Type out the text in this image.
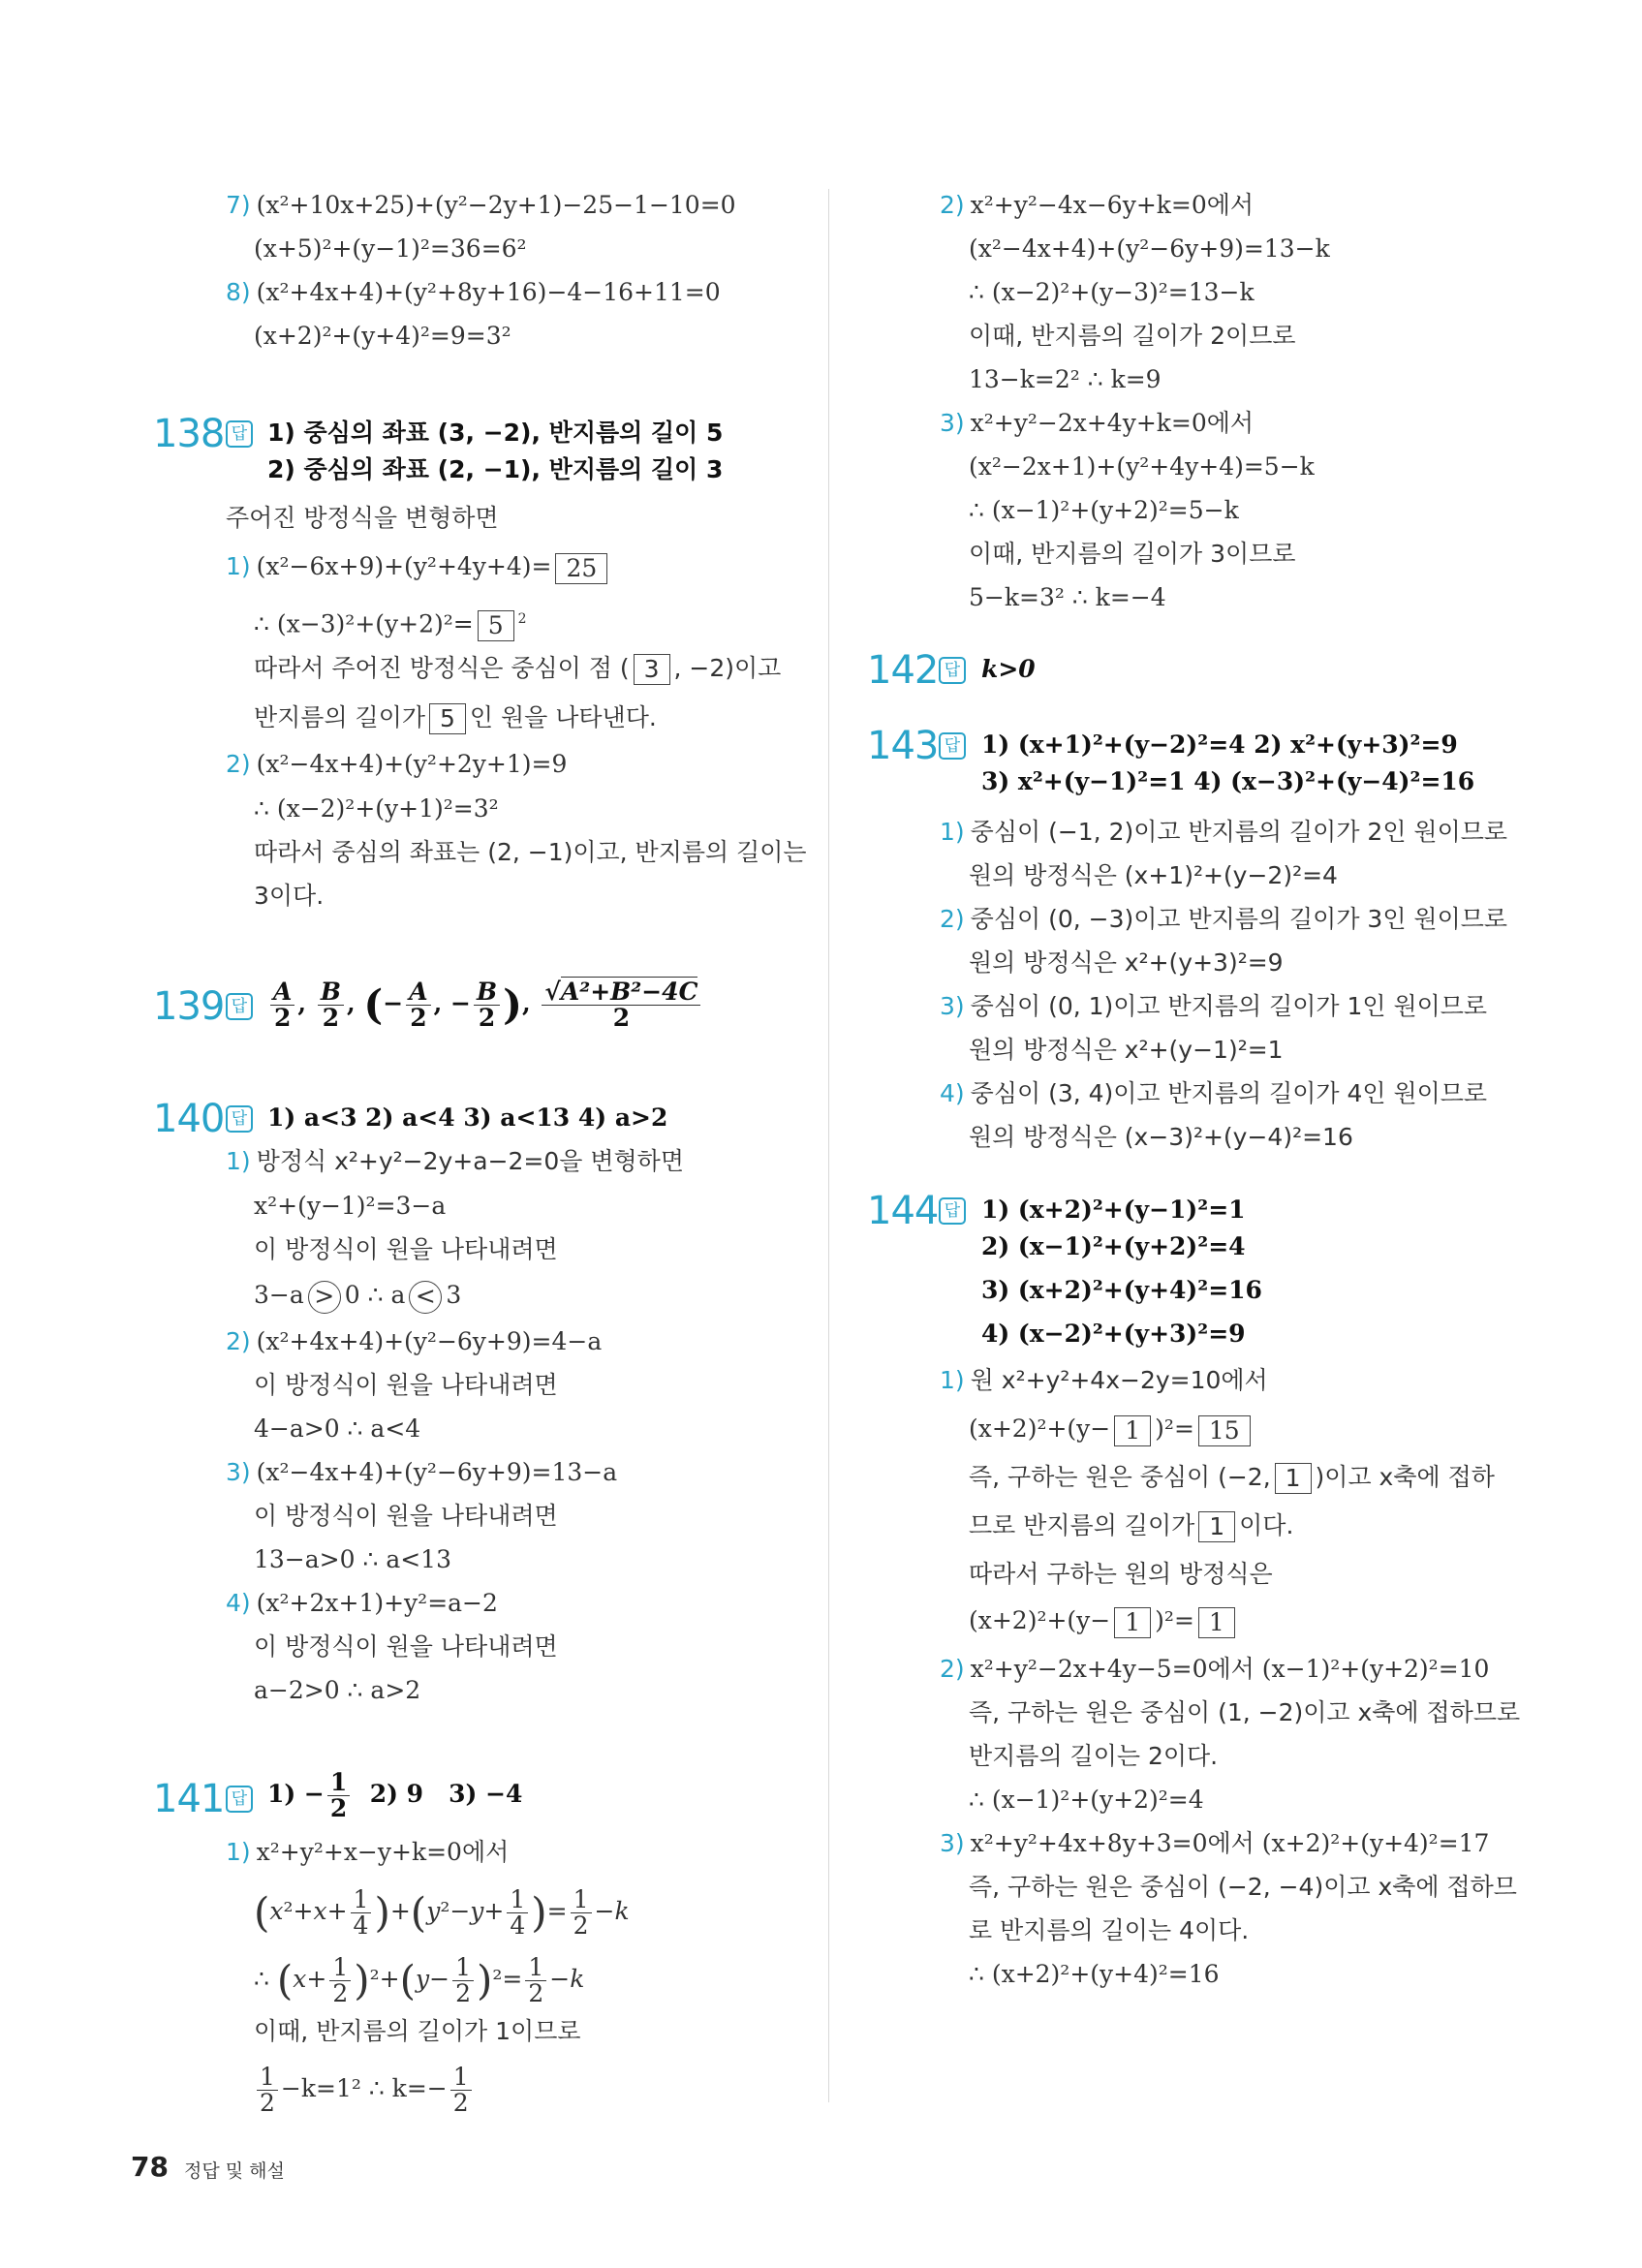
7) (x²+10x+25)+(y²−2y+1)−25−1−10=0
(x+5)²+(y−1)²=36=6²
8) (x²+4x+4)+(y²+8y+16)−4−16+11=0
(x+2)²+(y+4)²=9=3²
138 답 1) 중심의 좌표 (3, −2), 반지름의 길이 5
2) 중심의 좌표 (2, −1), 반지름의 길이 3
주어진 방정식을 변형하면
1) (x²−6x+9)+(y²+4y+4)= 25
∴ (x−3)²+(y+2)²= 5 $^2$
따라서 주어진 방정식은 중심이 점 ( 3 , −2)이고
반지름의 길이가 5 인 원을 나타낸다.
2) (x²−4x+4)+(y²+2y+1)=9
∴ (x−2)²+(y+1)²=3²
따라서 중심의 좌표는 (2, −1)이고, 반지름의 길이는
3이다.
139 답 $\frac{A}{2}$ , $\frac{B}{2}$ , (− $\frac{A}{2}$ , − $\frac{B}{2}$ ), $\frac{\text{√A²+B²−4C}}{2}$
140 답 1) a<3 2) a<4 3) a<13 4) a>2
1) 방정식 x²+y²−2y+a−2=0을 변형하면
x²+(y−1)²=3−a
이 방정식이 원을 나타내려면
3−a > 0 ∴ a < 3
2) (x²+4x+4)+(y²−6y+9)=4−a
이 방정식이 원을 나타내려면
4−a>0 ∴ a<4
3) (x²−4x+4)+(y²−6y+9)=13−a
이 방정식이 원을 나타내려면
13−a>0 ∴ a<13
4) (x²+2x+1)+y²=a−2
이 방정식이 원을 나타내려면
a−2>0 ∴ a>2
141 답 $1) - \frac{1}{2} 2$) 9 3) −4
1) x²+y²+x−y+k=0에서
$(x^2+x+ \frac{1}{4} )+(y^2-y+ \frac{1}{4}$ )= $\frac{1}{2} -k$
∴ $(x+ \frac{1}{2} )^2+(y- \frac{1}{2} )^2= \frac{1}{2} -k$
이때, 반지름의 길이가 1이므로
$\frac{1}{2} -k=1^2$ ∴ $k=- \frac{1}{2}$
78 정답 및 해설
2) x²+y²−4x−6y+k=0에서
(x²−4x+4)+(y²−6y+9)=13−k
∴ (x−2)²+(y−3)²=13−k
이때, 반지름의 길이가 2이므로
13−k=2² ∴ k=9
3) x²+y²−2x+4y+k=0에서
(x²−2x+1)+(y²+4y+4)=5−k
∴ (x−1)²+(y+2)²=5−k
이때, 반지름의 길이가 3이므로
5−k=3² ∴ k=−4
142 답 k>0
143 답 1) (x+1)²+(y−2)²=4 2) x²+(y+3)²=9
3) x²+(y−1)²=1 4) (x−3)²+(y−4)²=16
1) 중심이 (−1, 2)이고 반지름의 길이가 2인 원이므로
원의 방정식은 (x+1)²+(y−2)²=4
2) 중심이 (0, −3)이고 반지름의 길이가 3인 원이므로
원의 방정식은 x²+(y+3)²=9
3) 중심이 (0, 1)이고 반지름의 길이가 1인 원이므로
원의 방정식은 x²+(y−1)²=1
4) 중심이 (3, 4)이고 반지름의 길이가 4인 원이므로
원의 방정식은 (x−3)²+(y−4)²=16
144 답 1) (x+2)²+(y−1)²=1
2) (x−1)²+(y+2)²=4
3) (x+2)²+(y+4)²=16
4) (x−2)²+(y+3)²=9
1) 원 x²+y²+4x−2y=10에서
(x+2)²+(y− 1 )²= 15
즉, 구하는 원은 중심이 (−2, 1 )이고 x축에 접하
므로 반지름의 길이가 1 이다.
따라서 구하는 원의 방정식은
(x+2)²+(y− 1 )²= 1
2) x²+y²−2x+4y−5=0에서 (x−1)²+(y+2)²=10
즉, 구하는 원은 중심이 (1, −2)이고 x축에 접하므로
반지름의 길이는 2이다.
∴ (x−1)²+(y+2)²=4
3) x²+y²+4x+8y+3=0에서 (x+2)²+(y+4)²=17
즉, 구하는 원은 중심이 (−2, −4)이고 x축에 접하므
로 반지름의 길이는 4이다.
∴ (x+2)²+(y+4)²=16
